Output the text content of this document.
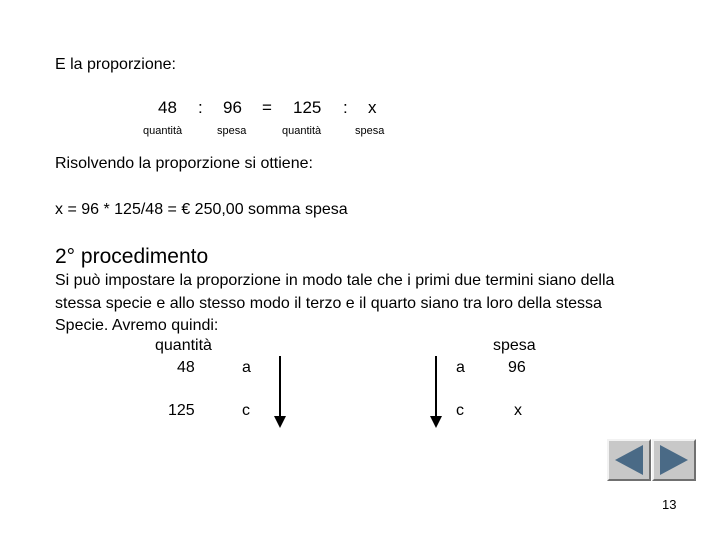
E la proporzione:
48 : 96 = 125 : x
quantità	spesa	quantità	spesa
Risolvendo la proporzione si ottiene:
x = 96 * 125/48 = € 250,00 somma spesa
2° procedimento
Si può impostare la proporzione in modo tale che i primi due termini siano della
stessa specie e allo stesso modo il terzo e il quarto siano tra loro della stessa
Specie. Avremo quindi:
quantità	spesa
48	a	a	96
125	c	c	x
13
